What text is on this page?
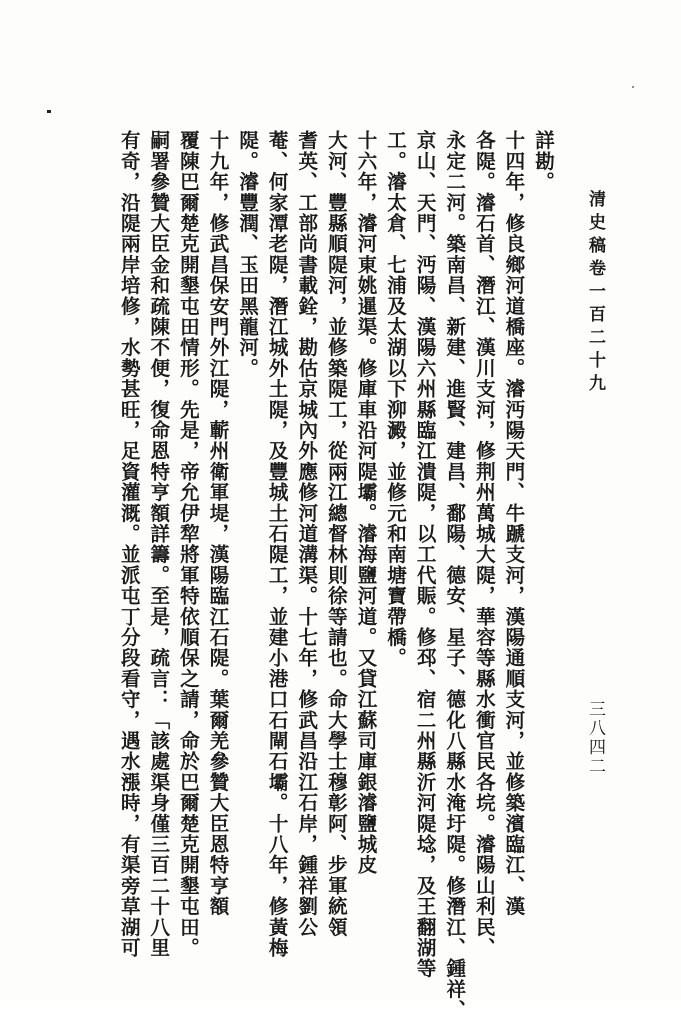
清史稿卷一百二十九
三八四二

詳勘。

十四年，修良鄉河道橋座。濬沔陽天門、牛蹏支河，漢陽通順支河，並修築濱臨江、漢

各隄。濬石首、潛江、漢川支河，修荆州萬城大隄，華容等縣水衝官民各垸。濬陽山利民、

永定二河。築南昌、新建、進賢、建昌、鄱陽、德安、星子、德化八縣水淹圩隄。修潛江、鍾祥、

京山、天門、沔陽、漢陽六州縣臨江潰隄，以工代賑。修邳、宿二州縣沂河隄埝，及王翻湖等

工。濬太倉、七浦及太湖以下泖澱，並修元和南塘寶帶橋。

十六年，濬河東姚暹渠。修庫車沿河隄壩。濬海鹽河道。又貸江蘇司庫銀濬鹽城皮

大河、豐縣順隄河，並修築隄工，從兩江總督林則徐等請也。命大學士穆彰阿、步軍統領

耆英、工部尚書載銓，勘估京城內外應修河道溝渠。十七年，修武昌沿江石岸，鍾祥劉公

菴、何家潭老隄，潛江城外土隄，及豐城土石隄工，並建小港口石閘石壩。十八年，修黃梅

隄。濬豐潤、玉田黑龍河。

十九年，修武昌保安門外江隄，蘄州衛軍堤，漢陽臨江石隄。葉爾羌參贊大臣恩特亨額

覆陳巴爾楚克開墾屯田情形。先是，帝允伊犂將軍特依順保之請，命於巴爾楚克開墾屯田。

嗣署參贊大臣金和疏陳不便，復命恩特亨額詳籌。至是，疏言：「該處渠身僅三百二十八里

有奇，沿隄兩岸培修，水勢甚旺，足資灌溉。並派屯丁分段看守，遇水漲時，有渠旁草湖可
